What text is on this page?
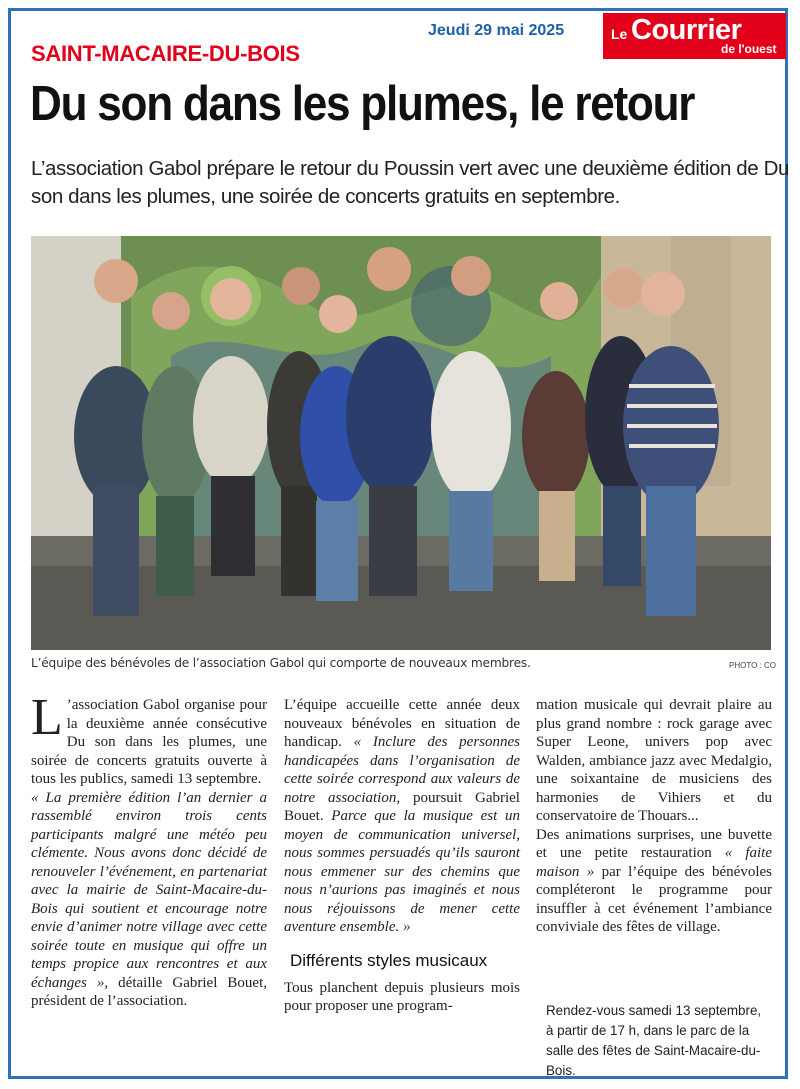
Jeudi 29 mai 2025	Le Courrier
de l'ouest
SAINT-MACAIRE-DU-BOIS
Du son dans les plumes, le retour
L’association Gabol prépare le retour du Poussin vert avec une deuxième édition de Du son dans les plumes, une soirée de concerts gratuits en septembre.
L’équipe des bénévoles de l’association Gabol qui comporte de nouveaux membres.	PHOTO : CO

L ’association Gabol organise pour la deuxième année consécutive Du son dans les plumes, une soirée de concerts gratuits ouverte à tous les publics, samedi 13 septembre.

« La première édition l’an dernier a rassemblé environ trois cents participants malgré une météo peu clémente. Nous avons donc décidé de renouveler l’événement, en partenariat avec la mairie de Saint-Macaire-du-Bois qui soutient et encourage notre envie d’animer notre village avec cette soirée toute en musique qui offre un temps propice aux rencontres et aux échanges », détaille Gabriel Bouet, président de l’association.

L’équipe accueille cette année deux nouveaux bénévoles en situation de handicap. « Inclure des personnes handicapées dans l’organisation de cette soirée correspond aux valeurs de notre association, poursuit Gabriel Bouet. Parce que la musique est un moyen de communication universel, nous sommes persuadés qu’ils sauront nous emmener sur des chemins que nous n’aurions pas imaginés et nous nous réjouissons de mener cette aventure ensemble. »

Différents styles musicaux

Tous planchent depuis plusieurs mois pour proposer une program-

mation musicale qui devrait plaire au plus grand nombre : rock garage avec Super Leone, univers pop avec Walden, ambiance jazz avec Medalgio, une soixantaine de musiciens des harmonies de Vihiers et du conservatoire de Thouars...

Des animations surprises, une buvette et une petite restauration « faite maison » par l’équipe des bénévoles compléteront le programme pour insuffler à cet événement l’ambiance conviviale des fêtes de village.

Rendez-vous samedi 13 septembre, à partir de 17 h, dans le parc de la salle des fêtes de Saint-Macaire-du-Bois.
